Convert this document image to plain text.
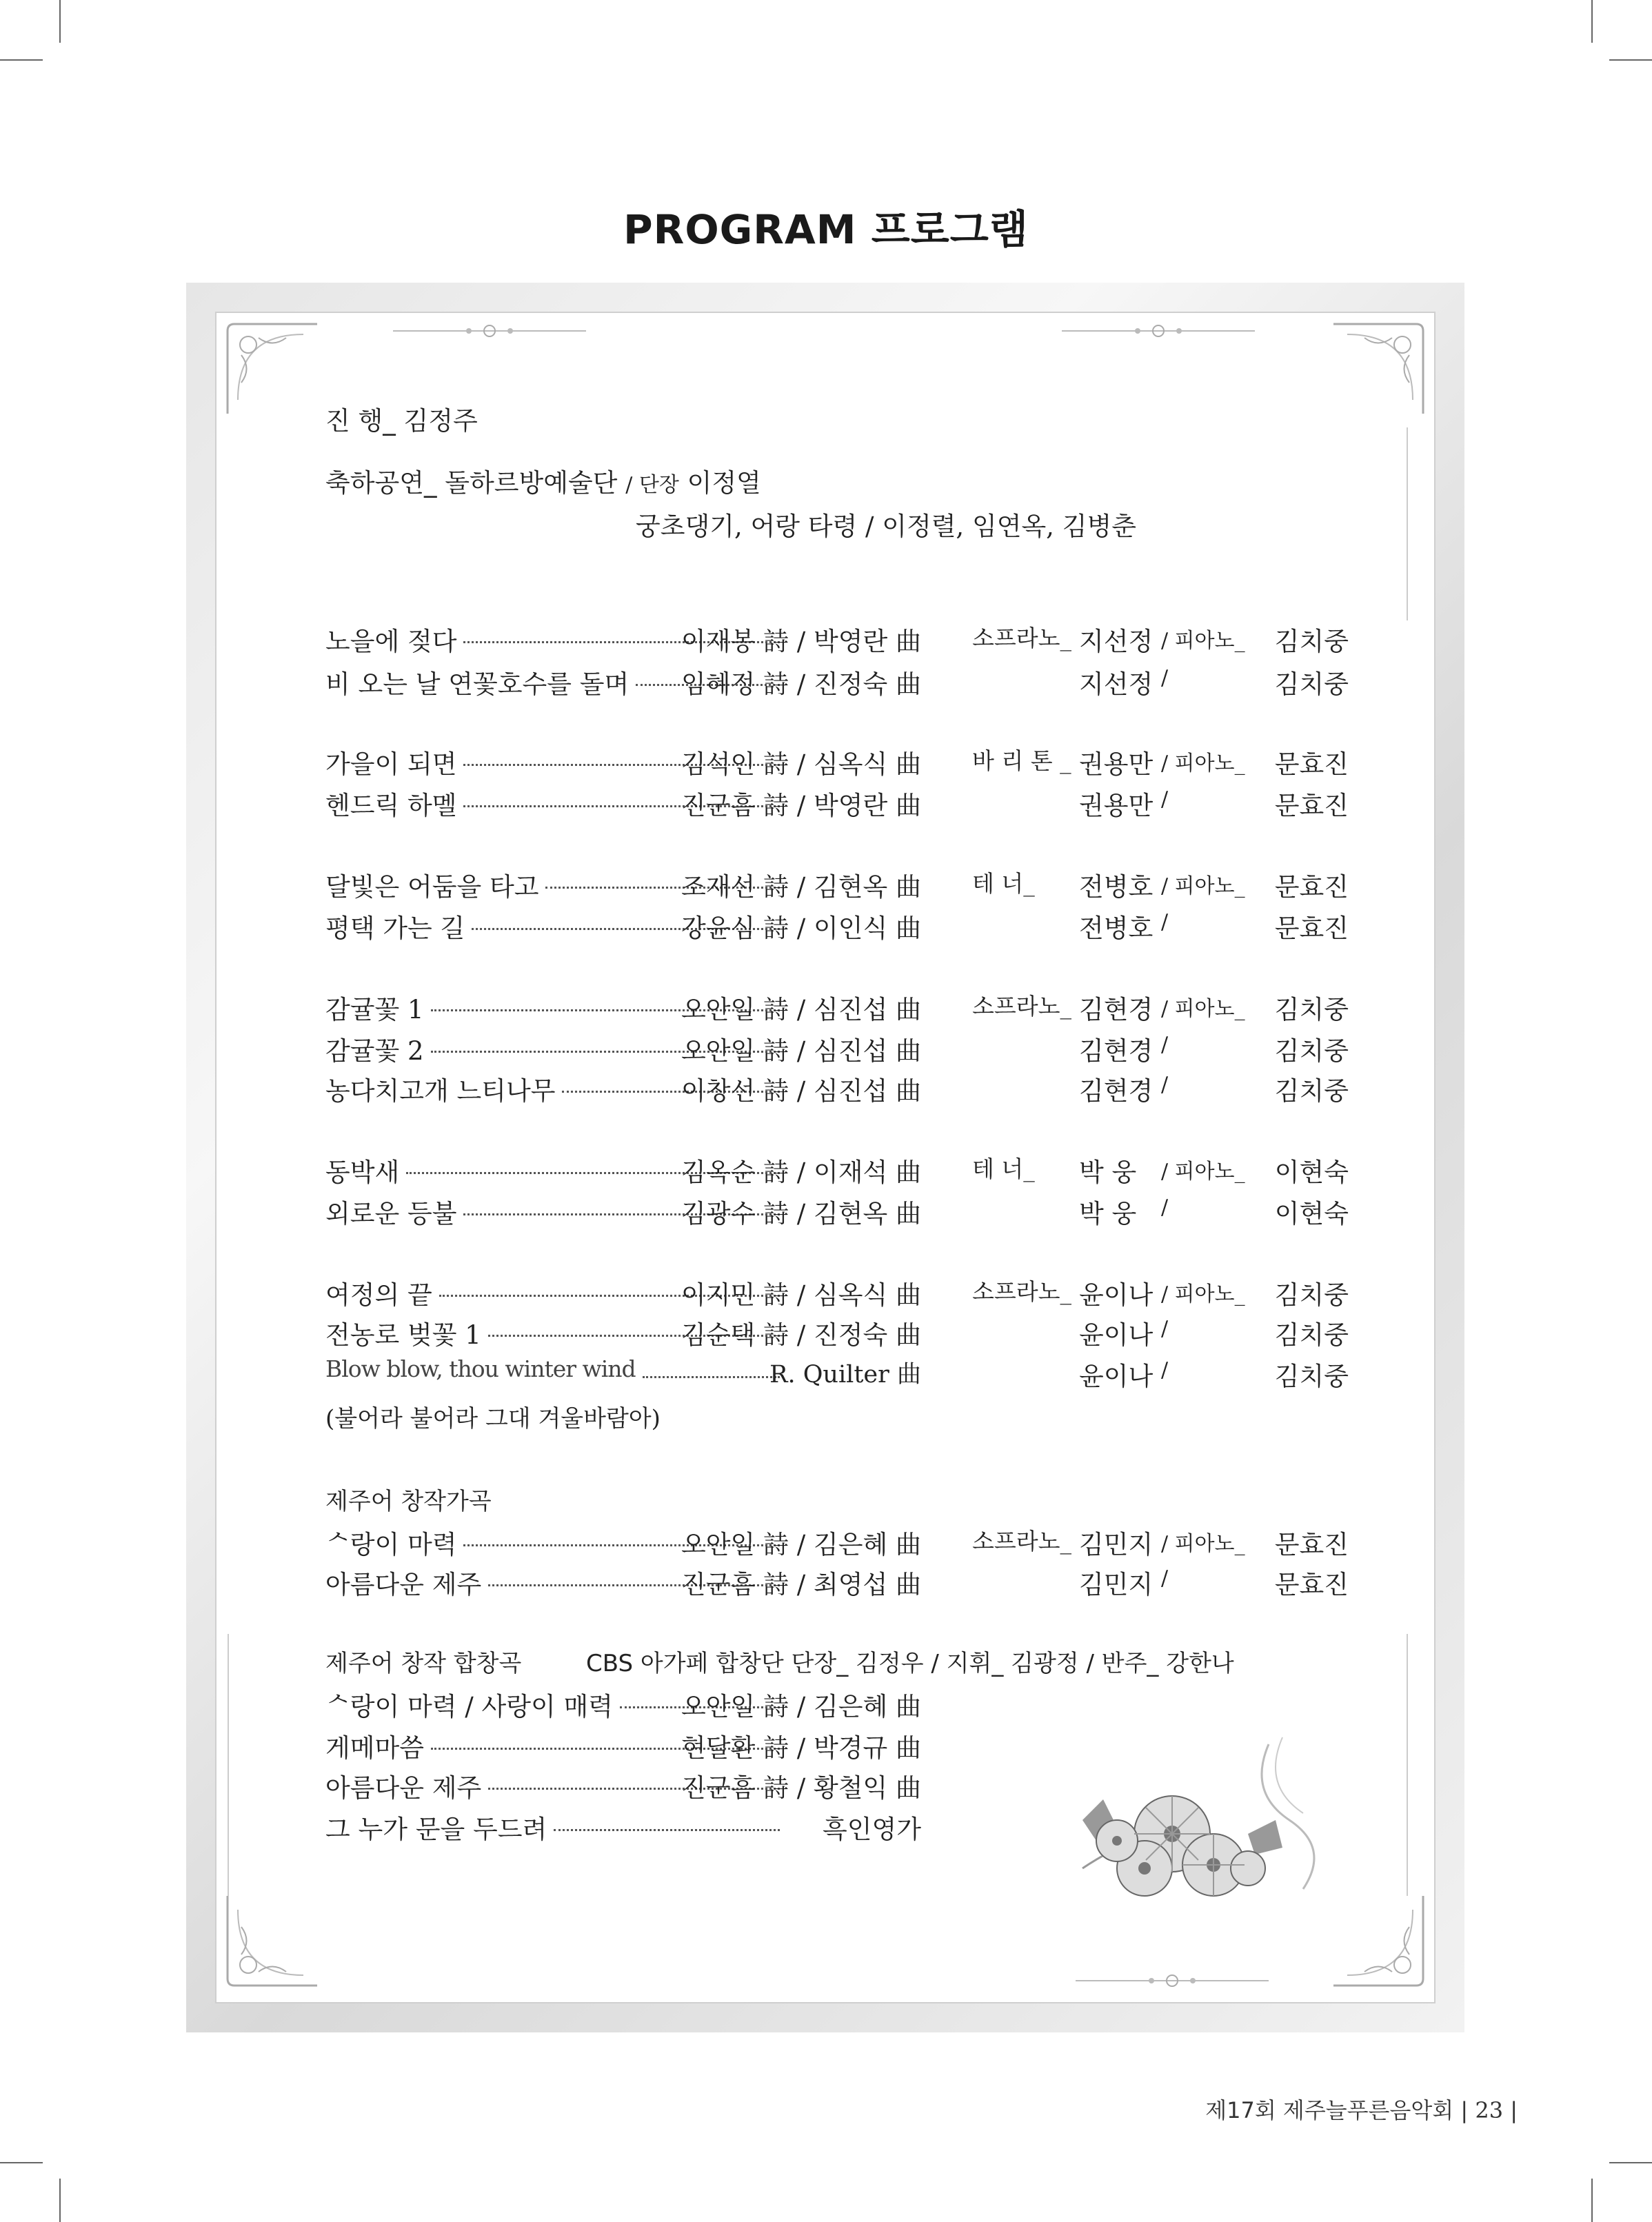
PROGRAM 프로그램
진 행_ 김정주
축하공연_ 돌하르방예술단 / 단장 이정열
궁초댕기, 어랑 타령 / 이정렬, 임연옥, 김병춘
노을에 젖다	이재봉 詩 / 박영란 曲 소프라노_ 지선정 / 피아노_ 김치중
비 오는 날 연꽃호수를 돌며 임혜정 詩 / 진정숙 曲	지선정 /	김치중
가을이 되면	김석인 詩 / 심옥식 曲 바 리 톤 _ 권용만 / 피아노_ 문효진
헨드릭 하멜	진군흠 詩 / 박영란 曲	권용만 /	문효진
달빛은 어둠을 타고	조재선 詩 / 김현옥 曲 테 너_ 전병호 / 피아노_ 문효진
평택 가는 길	강윤심 詩 / 이인식 曲	전병호 /	문효진
감귤꽃 1	오안일 詩 / 심진섭 曲 소프라노_ 김현경 / 피아노_ 김치중
감귤꽃 2	오안일 詩 / 심진섭 曲	김현경 /	김치중
농다치고개 느티나무	이창선 詩 / 심진섭 曲	김현경 /	김치중
동박새	김옥순 詩 / 이재석 曲 테 너_ 박 웅 / 피아노_ 이현숙
외로운 등불	김광수 詩 / 김현옥 曲	박 웅 /	이현숙
여정의 끝	이지민 詩 / 심옥식 曲 소프라노_ 윤이나 / 피아노_ 김치중
전농로 벚꽃 1	김순택 詩 / 진정숙 曲	윤이나 /	김치중
Blow blow, thou winter wind	R. Quilter 曲	윤이나 /	김치중
(불어라 불어라 그대 겨울바람아)
제주어 창작가곡
ᄉ랑이 마력	오안일 詩 / 김은혜 曲 소프라노_ 김민지 / 피아노_ 문효진
아름다운 제주	진군흠 詩 / 최영섭 曲	김민지 /	문효진
제주어 창작 합창곡	CBS 아가페 합창단 단장_ 김정우 / 지휘_ 김광정 / 반주_ 강한나
ᄉ랑이 마력 / 사랑이 매력	오안일 詩 / 김은혜 曲
게메마씀	현달환 詩 / 박경규 曲
아름다운 제주	진군흠 詩 / 황철익 曲
그 누가 문을 두드려	흑인영가
제17회 제주늘푸른음악회 | 23 |
